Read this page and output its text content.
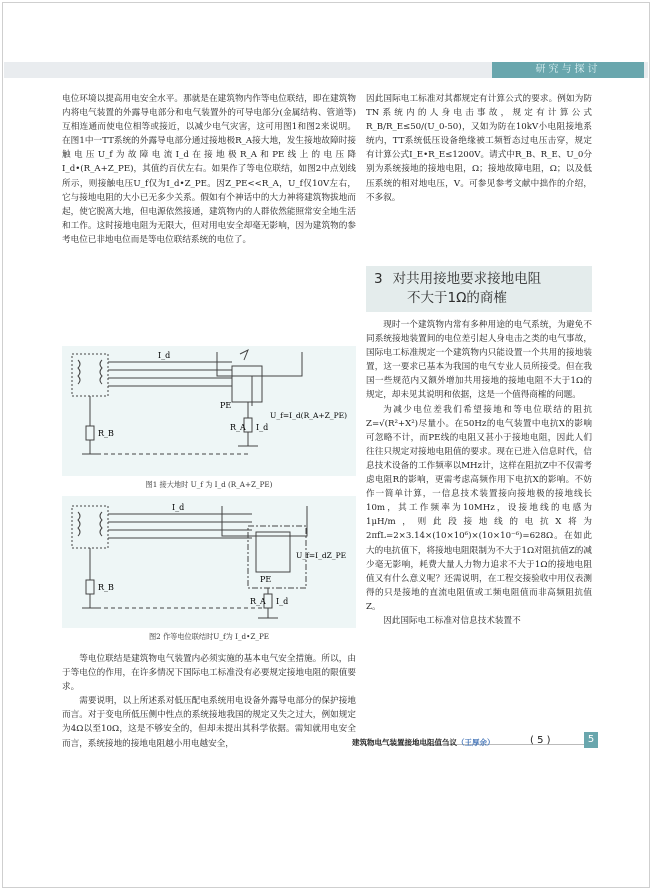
研究与探讨

电位环境以提高用电安全水平。那就是在建筑物内作等电位联结，即在建筑物内将电气装置的外露导电部分和电气装置外的可导电部分(金属结构、管道等)互相连通而使电位相等或接近，以减少电气灾害，这可用图1和图2来说明。在图1中一TT系统的外露导电部分通过接地极R_A接大地，发生接地故障时接触电压U_f为故障电流I_d在接地极R_A和PE线上的电压降I_d•(R_A+Z_PE)，其值约百伏左右。如果作了等电位联结，如图2中点划线所示，则接触电压U_f仅为I_d•Z_PE。因Z_PE<<R_A，U_f仅10V左右，它与接地电阻的大小已无多少关系。假如有个神话中的大力神将建筑物拔地而起，使它脱离大地，但电源依然接通，建筑物内的人群依然能照常安全地生活和工作。这时接地电阻为无限大，但对用电安全却毫无影响，因为建筑物的参考电位已非地电位而是等电位联结系统的电位了。

I_d
PE
R_B
R_A I_d
U_f=I_d(R_A+Z_PE)
图1 接大地时 U_f 为 I_d (R_A+Z_PE)
I_d
PE
R_B
R_A I_d
U_f=I_dZ_PE
图2 作等电位联结时U_f为 I_d•Z_PE

等电位联结是建筑物电气装置内必须实施的基本电气安全措施。所以，由于等电位的作用，在许多情况下国际电工标准没有必要规定接地电阻的限值要求。

需要说明，以上所述系对低压配电系统用电设备外露导电部分的保护接地而言。对于变电所低压侧中性点的系统接地我国的规定又失之过大，例如规定为4Ω以至10Ω，这是不够安全的，但却未提出其科学依据。需知就用电安全而言，系统接地的接地电阻越小用电越安全，

因此国际电工标准对其都规定有计算公式的要求。例如为防TN系统内的人身电击事故，规定有计算公式R_B/R_E≤50/(U_0-50)，又如为防在10kV小电阻接地系统内，TT系统低压设备绝缘被工频暂态过电压击穿，规定有计算公式I_E•R_E≤1200V。请式中R_B、R_E、U_0分别为系统接地的接地电阻，Ω；接地故障电阻，Ω；以及低压系统的相对地电压，V。可参见参考文献中拙作的介绍，不多叙。

3 对共用接地要求接地电阻
不大于1Ω的商榷

现时一个建筑物内常有多种用途的电气系统，为避免不同系统接地装置间的电位差引起人身电击之类的电气事故，国际电工标准规定一个建筑物内只能设置一个共用的接地装置，这一要求已基本为我国的电气专业人员所接受。但在我国一些规范内又额外增加共用接地的接地电阻不大于1Ω的规定，却未见其说明和依据，这是一个值得商榷的问题。

为减少电位差我们希望接地和等电位联结的阻抗Z=√(R²+X²)尽量小。在50Hz的电气装置中电抗X的影响可忽略不计，而PE线的电阻又甚小于接地电阻，因此人们往往只规定对接地电阻值的要求。现在已进入信息时代，信息技术设备的工作频率以MHz计，这样在阻抗Z中不仅需考虑电阻R的影响，更需考虑高频作用下电抗X的影响。不妨作一简单计算，一信息技术装置接向接地极的接地线长10m，其工作频率为10MHz，设接地线的电感为1μH/m，则此段接地线的电抗X将为2πfL=2×3.14×(10×10⁶)×(10×10⁻⁶)=628Ω。在如此大的电抗值下，将接地电阻限制为不大于1Ω对阻抗值Z的减少毫无影响，耗费大量人力物力追求不大于1Ω的接地电阻值又有什么意义呢？还需说明，在工程交接验收中用仪表测得的只是接地的直流电阻值或工频电阻值而非高频阻抗值Z。

因此国际电工标准对信息技术装置不

建筑物电气装置接地电阻值刍议（王厚余）	( 5 )	5
